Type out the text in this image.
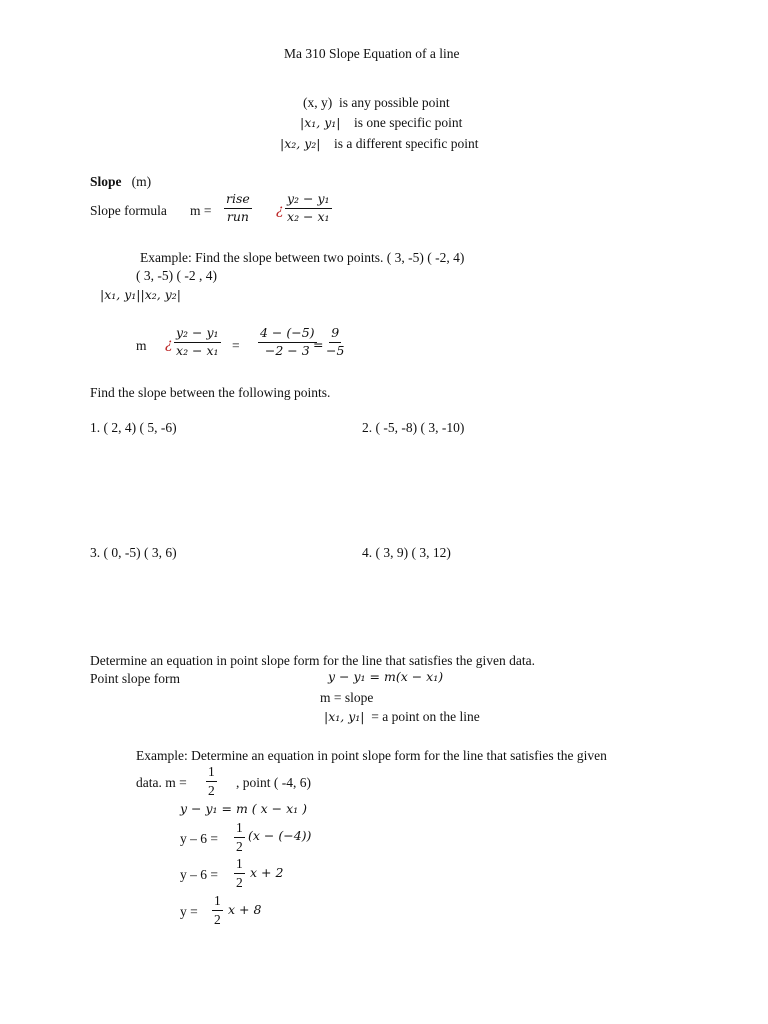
Ma 310 Slope Equation of a line
(x, y) is any possible point
|x₁, y₁| is one specific point
|x₂, y₂| is a different specific point
Slope (m)
Slope formula m =
rise
run ¿ $\frac{\text{y₂ − y₁}}{\text{x₂ − x₁}}$
Example: Find the slope between two points. ( 3, -5) ( -2, 4)
( 3, -5) ( -2 , 4)
|x₁, y₁||x₂, y₂|
m ¿ $\frac{\text{y₂ − y₁}}{\text{x₂ − x₁}} = \frac{4 - (-5)}{-2 - 3}$
= $\frac{9}{-5}$
Find the slope between the following points.
1. ( 2, 4) ( 5, -6)	2. ( -5, -8) ( 3, -10)
3. ( 0, -5) ( 3, 6)	4. ( 3, 9) ( 3, 12)
Determine an equation in point slope form for the line that satisfies the given data.
Point slope form	y − y₁ = m(x − x₁)
m = slope
|x₁, y₁| = a point on the line
Example: Determine an equation in point slope form for the line that satisfies the given
data. $m = \frac{1}{2}$ , point ( -4, 6)
y − y₁ = m ( x − x₁ )
$y - 6 = \frac{1}{2} (x - (-4))$
$y - 6 = \frac{1}{2}$ x + 2
$y = \frac{1}{2}$ x + 8
